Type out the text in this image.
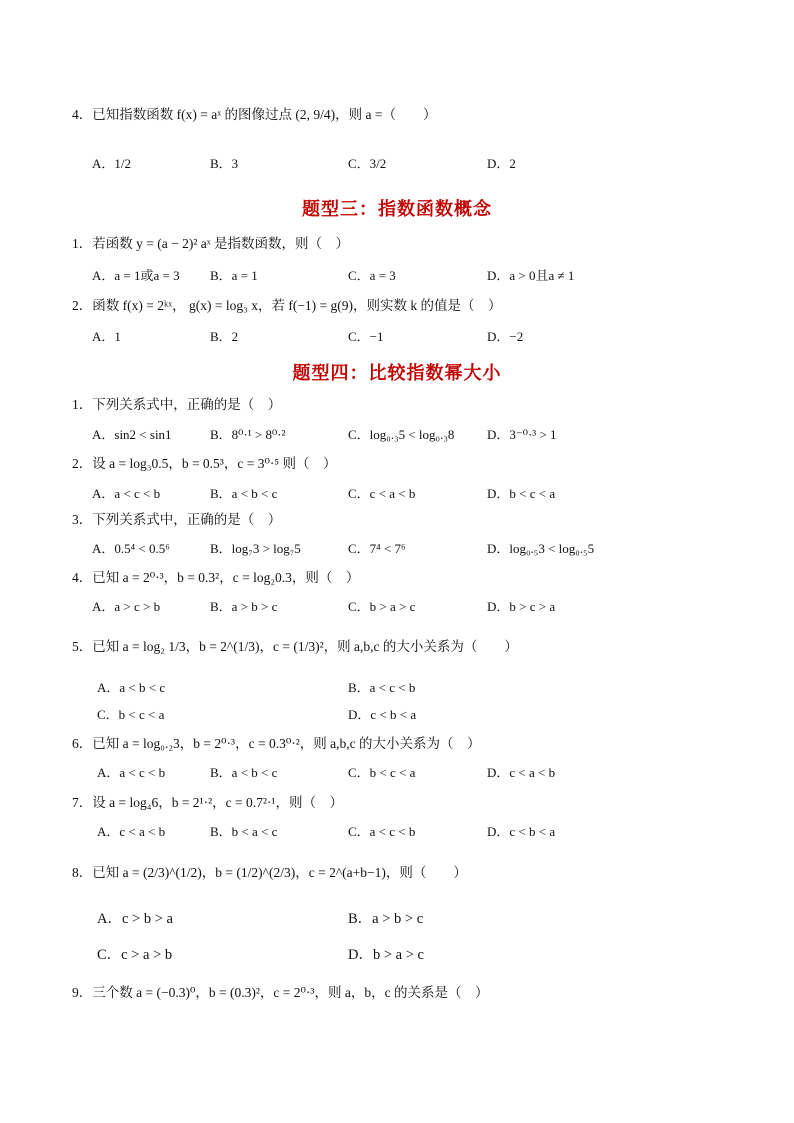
4．已知指数函数 f(x) = aˣ 的图像过点 (2, 9/4)，则 a =（　　）
A．1/2	B．3	C．3/2	D．2
题型三：指数函数概念
1．若函数 y = (a − 2)² aˣ 是指数函数，则（　）
A．a = 1或a = 3 B．a = 1	C．a = 3	D．a > 0且a ≠ 1
2．函数 f(x) = 2ᵏˣ， g(x) = log₃ x，若 f(−1) = g(9)，则实数 k 的值是（　）
A．1	B．2	C．−1	D．−2
题型四：比较指数幂大小
1．下列关系式中，正确的是（　）
A．sin2 < sin1	B．8⁰·¹ > 8⁰·²	C．log₀.₃5 < log₀.₃8	D．3⁻⁰·³ > 1
2．设 a = log₃0.5，b = 0.5³，c = 3⁰·⁵ 则（　）
A．a < c < b	B．a < b < c	C．c < a < b	D．b < c < a
3．下列关系式中，正确的是（　）
A．0.5⁴ < 0.5⁶	B．log₇3 > log₇5	C．7⁴ < 7⁶	D．log₀.₅3 < log₀.₅5
4．已知 a = 2⁰·³，b = 0.3²，c = log₂0.3，则（　）
A．a > c > b	B．a > b > c	C．b > a > c	D．b > c > a
5．已知 a = log₂ 1/3，b = 2^(1/3)，c = (1/3)²，则 a,b,c 的大小关系为（　　）
A．a < b < c	B．a < c < b
C．b < c < a	D．c < b < a
6．已知 a = log₀.₂3，b = 2⁰·³，c = 0.3⁰·²，则 a,b,c 的大小关系为（　）
A．a < c < b	B．a < b < c	C．b < c < a	D．c < a < b
7．设 a = log₄6，b = 2¹·²，c = 0.7²·¹，则（　）
A．c < a < b	B．b < a < c	C．a < c < b	D．c < b < a
8．已知 a = (2/3)^(1/2)，b = (1/2)^(2/3)，c = 2^(a+b−1)，则（　　）
A．c > b > a	B．a > b > c
C．c > a > b	D．b > a > c
9．三个数 a = (−0.3)⁰，b = (0.3)²，c = 2⁰·³，则 a，b，c 的关系是（　）
